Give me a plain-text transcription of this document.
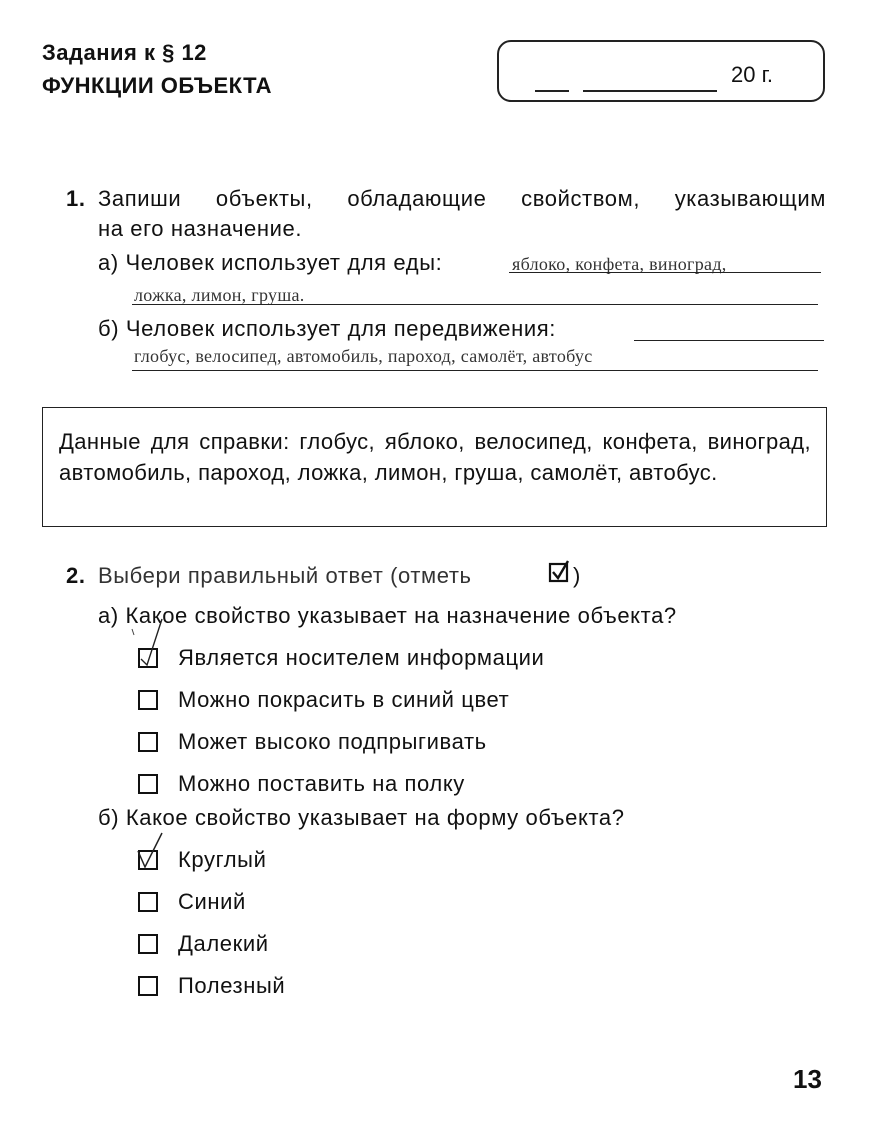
Задания к § 12
ФУНКЦИИ ОБЪЕКТА	20 г.
1. Запиши объекты, обладающие свойством, указывающим
на его назначение.
а) Человек использует для еды:	яблоко, конфета, виноград,
ложка, лимон, груша.
б) Человек использует для передвижения:
глобус, велосипед, автомобиль, пароход, самолёт, автобус
Данные для справки: глобус, яблоко, велосипед, конфета, виноград, автомобиль, пароход, ложка, лимон, груша, самолёт, автобус.
2. Выбери правильный ответ (отметь	)
а) Какое свойство указывает на назначение объекта?
Является носителем информации
Можно покрасить в синий цвет
Может высоко подпрыгивать
Можно поставить на полку
б) Какое свойство указывает на форму объекта?
Круглый
Синий
Далекий
Полезный
13
